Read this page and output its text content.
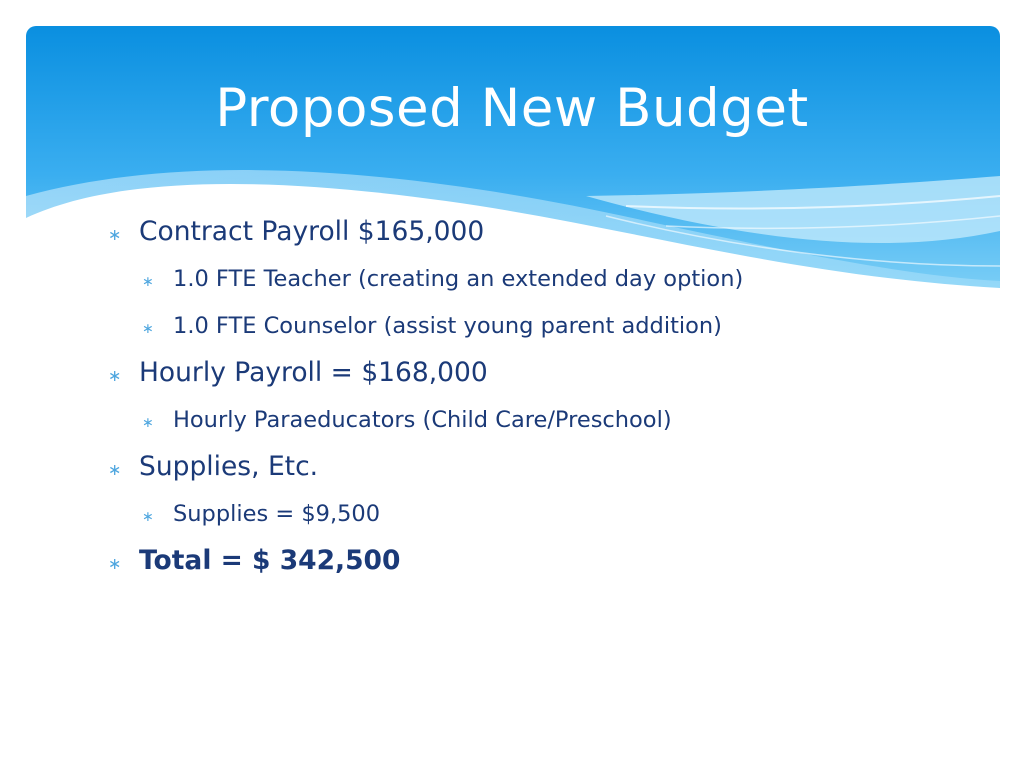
Proposed New Budget
∗ Contract Payroll $165,000
∗ 1.0 FTE Teacher (creating an extended day option)
∗ 1.0 FTE Counselor (assist young parent addition)
∗ Hourly Payroll = $168,000
∗ Hourly Paraeducators (Child Care/Preschool)
∗ Supplies, Etc.
∗ Supplies = $9,500
∗ Total = $ 342,500
